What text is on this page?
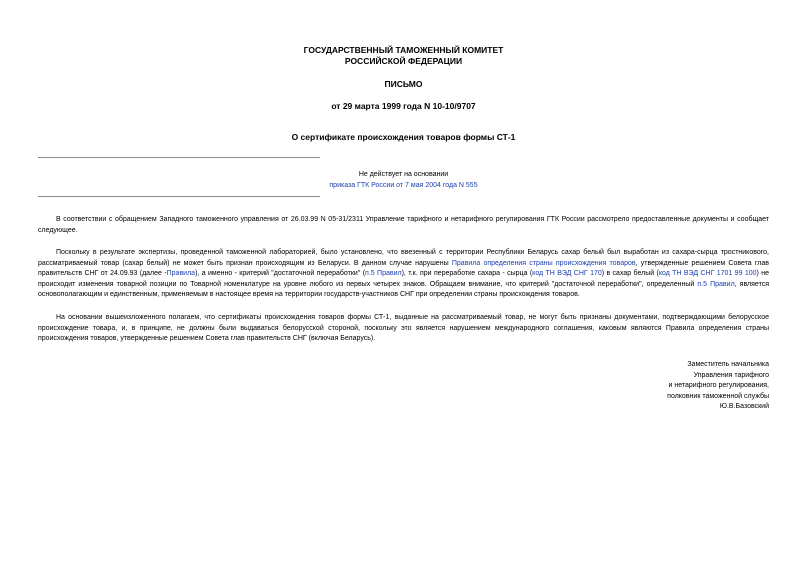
ГОСУДАРСТВЕННЫЙ ТАМОЖЕННЫЙ КОМИТЕТ
РОССИЙСКОЙ ФЕДЕРАЦИИ
ПИСЬМО
от 29 марта 1999 года N 10-10/9707
О сертификате происхождения товаров формы СТ-1
Не действует на основании
приказа ГТК России от 7 мая 2004 года N 555

В соответствии с обращением Западного таможенного управления от 26.03.99 N 05-31/2311 Управление тарифного и нетарифного регулирования ГТК России рассмотрело предоставленные документы и сообщает следующее.

Поскольку в результате экспертизы, проведенной таможенной лабораторией, было установлено, что ввезенный с территории Республики Беларусь сахар белый был выработан из сахара-сырца тростникового, рассматриваемый товар (сахар белый) не может быть признан происходящим из Беларуси. В данном случае нарушены Правила определения страны происхождения товаров, утвержденные решением Совета глав правительств СНГ от 24.09.93 (далее -Правила), а именно - критерий "достаточной переработки" (п.5 Правил), т.к. при переработке сахара - сырца (код ТН ВЭД СНГ 170) в сахар белый (код ТН ВЭД СНГ 1701 99 100) не происходит изменения товарной позиции по Товарной номенклатуре на уровне любого из первых четырех знаков. Обращаем внимание, что критерий "достаточной переработки", определенный п.5 Правил, является основополагающим и единственным, применяемым в настоящее время на территории государств-участников СНГ при определении страны происхождения товаров.

На основании вышеизложенного полагаем, что сертификаты происхождения товаров формы СТ-1, выданные на рассматриваемый товар, не могут быть признаны документами, подтверждающими белорусское происхождение товара, и, в принципе, не должны были выдаваться белорусской стороной, поскольку это является нарушением международного соглашения, каковым являются Правила определения страны происхождения товаров, утвержденные решением Совета глав правительств СНГ (включая Беларусь).

Заместитель начальника
Управления тарифного
и нетарифного регулирования,
полковник таможенной службы
Ю.В.Базовский
